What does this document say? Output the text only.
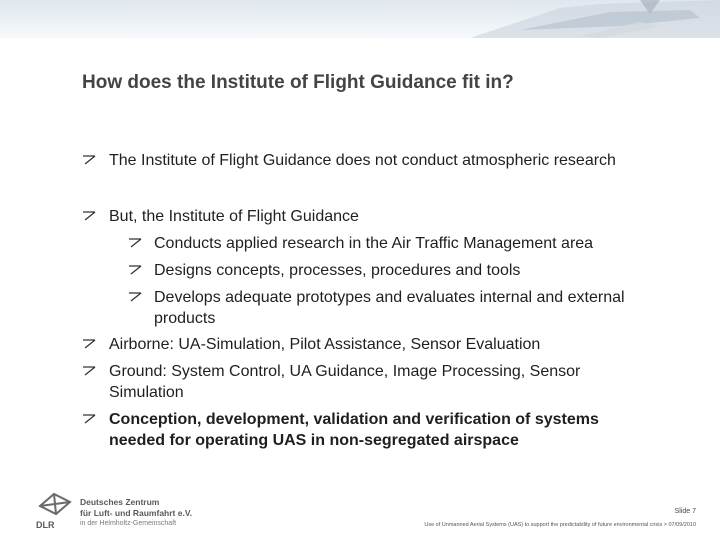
How does the Institute of Flight Guidance fit in?
The Institute of Flight Guidance does not conduct atmospheric research
But, the Institute of Flight Guidance
Conducts applied research in the Air Traffic Management area
Designs concepts, processes, procedures and tools
Develops adequate prototypes and evaluates internal and external
products
Airborne: UA-Simulation, Pilot Assistance, Sensor Evaluation
Ground: System Control, UA Guidance, Image Processing, Sensor
Simulation
Conception, development, validation and verification of systems
needed for operating UAS in non-segregated airspace
DLR
Deutsches Zentrum
für Luft- und Raumfahrt e.V.
in der Helmholtz-Gemeinschaft
Slide 7
Use of Unmanned Aerial Systems (UAS) to support the predictability of future environmental crisis > 07/09/2010
